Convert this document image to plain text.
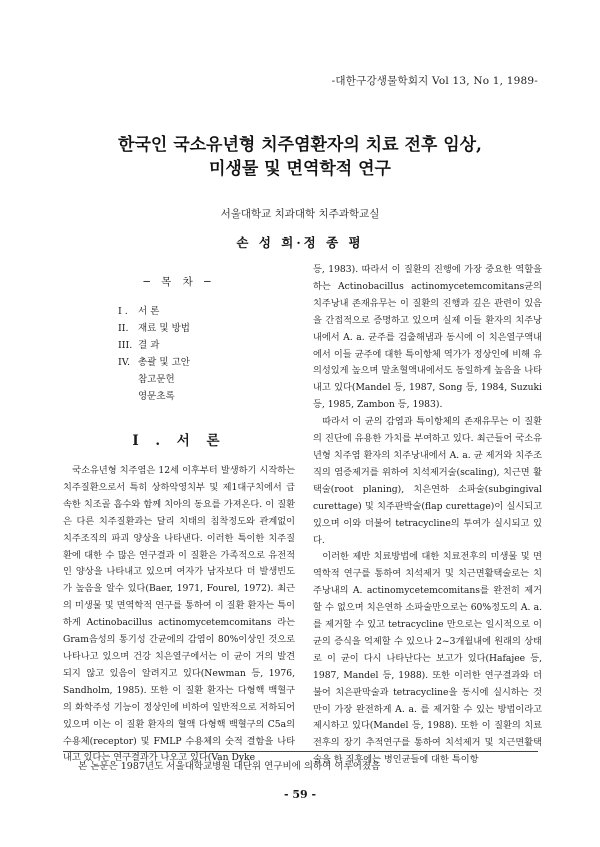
-대한구강생물학회지 Vol 13, No 1, 1989-
한국인 국소유년형 치주염환자의 치료 전후 임상,
미생물 및 면역학적 연구
서울대학교 치과대학 치주과학교실
손 성 희·정 종 평
─ 목 차 ─
I . 서 론
II. 재료 및 방법
III. 결 과
IV. 총괄 및 고안
참고문헌
영문초록
I . 서 론

국소유년형 치주염은 12세 이후부터 발생하기 시작하는 치주질환으로서 특히 상하악영치부 및 제1대구치에서 급속한 치조골 흡수와 함께 치아의 동요를 가져온다. 이 질환은 다른 치주질환과는 달리 치태의 침착정도와 관계없이 치주조직의 파괴 양상을 나타낸다. 이러한 특이한 치주질환에 대한 수 많은 연구결과 이 질환은 가족적으로 유전적인 양상을 나타내고 있으며 여자가 남자보다 더 발생빈도가 높음을 알수 있다(Baer, 1971, Fourel, 1972). 최근의 미생물 및 면역학적 연구를 통하여 이 질환 환자는 특이하게 Actinobacillus actinomycetemcomitans 라는 Gram음성의 통기성 간균에의 감염이 80%이상인 것으로 나타나고 있으며 건강 치은열구에서는 이 균이 거의 발견되지 않고 있음이 알려지고 있다(Newman 등, 1976, Sandholm, 1985). 또한 이 질환 환자는 다형핵 백혈구의 화학주성 기능이 정상인에 비하여 일반적으로 저하되어 있으며 이는 이 질환 환자의 혈액 다형핵 백혈구의 C5a의 수용체(receptor) 및 FMLP 수용체의 숫적 결함을 나타내고 있다는 연구결과가 나오고 있다(Van Dyke

등, 1983). 따라서 이 질환의 진행에 가장 중요한 역할을 하는 Actinobacillus actinomycetemcomitans균의 치주낭내 존재유무는 이 질환의 진행과 깊은 관련이 있음을 간접적으로 증명하고 있으며 실제 이들 환자의 치주낭내에서 A. a. 균주를 검출해냄과 동시에 이 치은열구액내에서 이들 균주에 대한 특이항체 역가가 정상인에 비해 유의성있게 높으며 말초혈액내에서도 동일하게 높음을 나타내고 있다(Mandel 등, 1987, Song 등, 1984, Suzuki 등, 1985, Zambon 등, 1983).

따라서 이 균의 감염과 특이항체의 존재유무는 이 질환의 진단에 유용한 가치를 부여하고 있다. 최근들어 국소유년형 치주염 환자의 치주낭내에서 A. a. 균 제거와 치주조직의 염증제거를 위하여 치석제거술(scaling), 치근면 활택술(root planing), 치은연하 소파술(subgingival curettage) 및 치주판박술(flap curettage)이 실시되고 있으며 이와 더불어 tetracycline의 투여가 실시되고 있다.

이러한 제반 치료방법에 대한 치료전후의 미생물 및 면역학적 연구를 통하여 치석제거 및 치근면활택술로는 치주낭내의 A. actinomycetemcomitans를 완전히 제거할 수 없으며 치은연하 소파술만으로는 60%정도의 A. a. 를 제거할 수 있고 tetracycline 만으로는 일시적으로 이 균의 증식을 억제할 수 있으나 2~3개월내에 원래의 상태로 이 균이 다시 나타난다는 보고가 있다(Hafajee 등, 1987, Mandel 등, 1988). 또한 이러한 연구결과와 더불어 치은판막술과 tetracycline을 동시에 실시하는 것만이 가장 완전하게 A. a. 를 제거할 수 있는 방법이라고 제시하고 있다(Mandel 등, 1988). 또한 이 질환의 치료전후의 장기 추적연구를 통하여 치석제거 및 치근면활택술을 한 직후에는 병인균들에 대한 특이항

본 논문은 1987년도 서울대학교병원 대단위 연구비에 의하여 이루어졌음
- 59 -
